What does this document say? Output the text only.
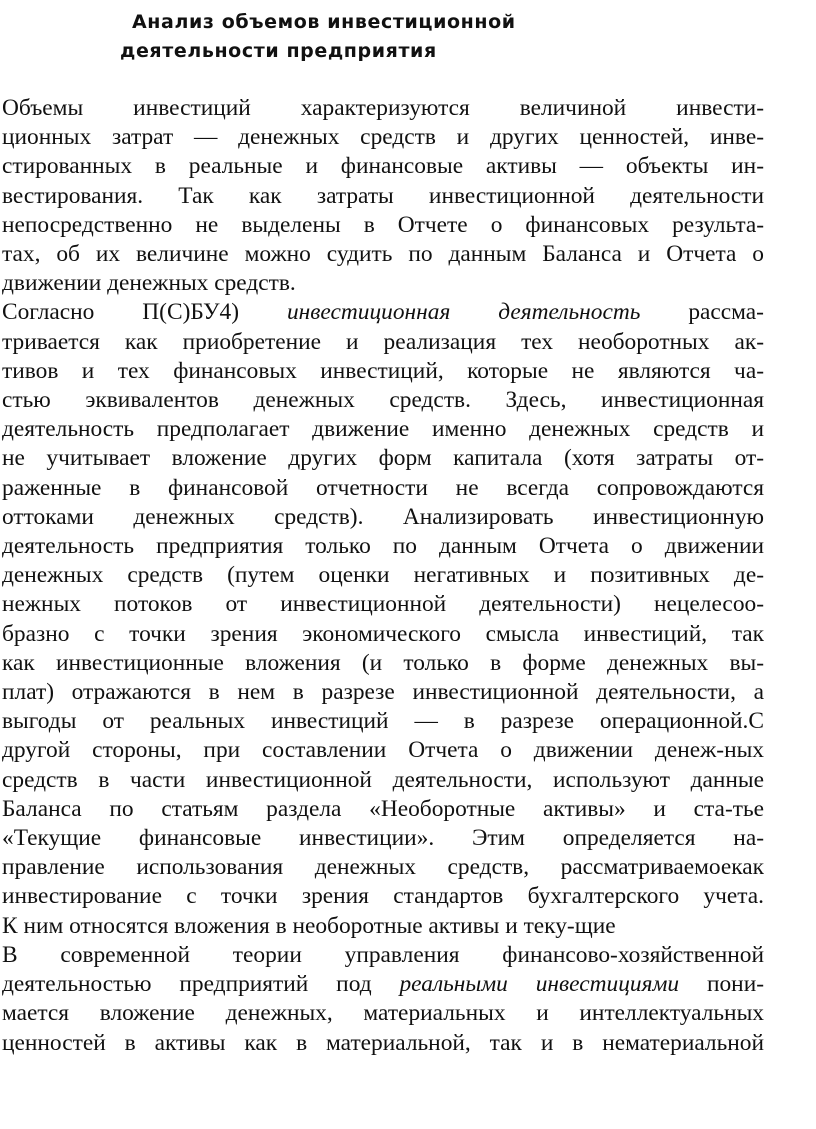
Анализ объемов инвестиционной
деятельности предприятия

Объемы инвестиций характеризуются величиной инвести-
ционных затрат — денежных средств и других ценностей, инве-
стированных в реальные и финансовые активы — объекты ин-
вестирования. Так как затраты инвестиционной деятельности
непосредственно не выделены в Отчете о финансовых результа-
тах, об их величине можно судить по данным Баланса и Отчета о
движении денежных средств.

Согласно П(С)БУ4) инвестиционная деятельность рассма-
тривается как приобретение и реализация тех необоротных ак-
тивов и тех финансовых инвестиций, которые не являются ча-
стью эквивалентов денежных средств. Здесь, инвестиционная
деятельность предполагает движение именно денежных средств и
не учитывает вложение других форм капитала (хотя затраты от-
раженные в финансовой отчетности не всегда сопровождаются
оттоками денежных средств). Анализировать инвестиционную
деятельность предприятия только по данным Отчета о движении
денежных средств (путем оценки негативных и позитивных де-
нежных потоков от инвестиционной деятельности) нецелесоо-
бразно с точки зрения экономического смысла инвестиций, так
как инвестиционные вложения (и только в форме денежных вы-
плат) отражаются в нем в разрезе инвестиционной деятельности, а
выгоды от реальных инвестиций — в разрезе операционной.С
другой стороны, при составлении Отчета о движении денеж-ных
средств в части инвестиционной деятельности, используют данные
Баланса по статьям раздела «Необоротные активы» и ста-тье
«Текущие финансовые инвестиции». Этим определяется на-
правление использования денежных средств, рассматриваемоекак
инвестирование с точки зрения стандартов бухгалтерского учета.
К ним относятся вложения в необоротные активы и теку-щие

В современной теории управления финансово-хозяйственной
деятельностью предприятий под реальными инвестициями пони-
мается вложение денежных, материальных и интеллектуальных
ценностей в активы как в материальной, так и в нематериальной
